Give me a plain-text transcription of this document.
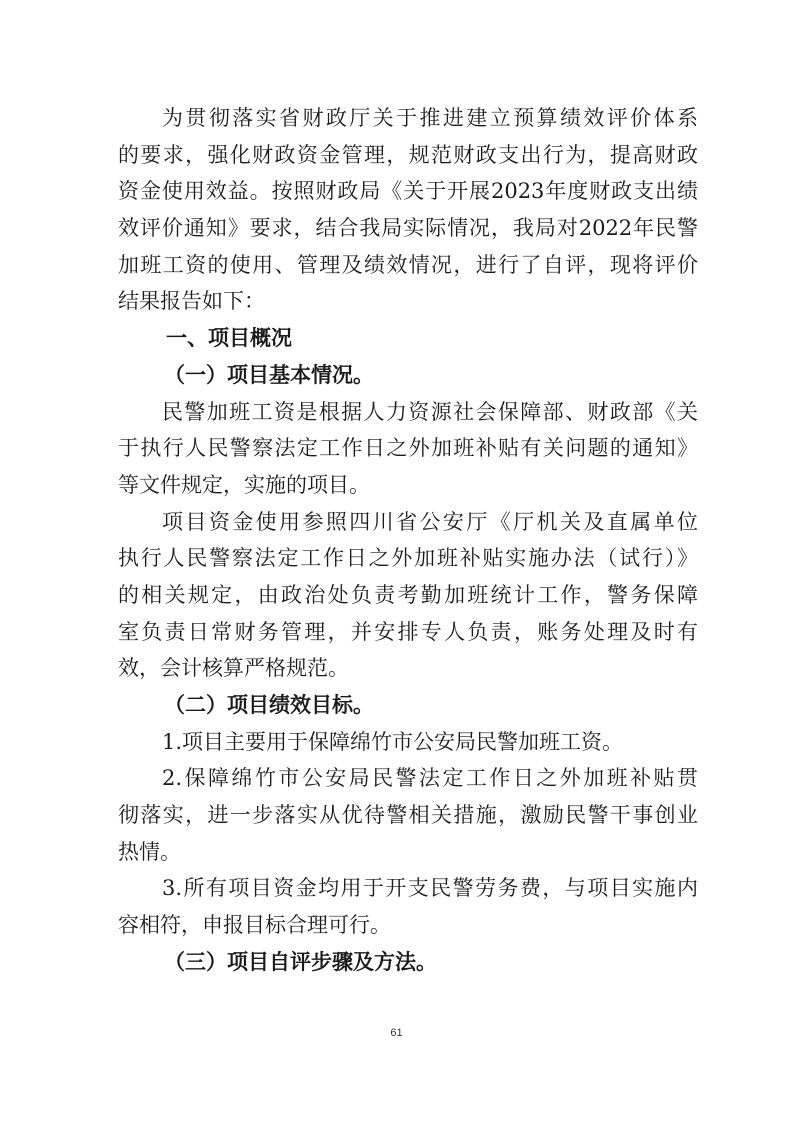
为贯彻落实省财政厅关于推进建立预算绩效评价体系
的要求，强化财政资金管理，规范财政支出行为，提高财政
资金使用效益。按照财政局《关于开展2023年度财政支出绩
效评价通知》要求，结合我局实际情况，我局对2022年民警
加班工资的使用、管理及绩效情况，进行了自评，现将评价
结果报告如下：
一、项目概况
（一）项目基本情况。
民警加班工资是根据人力资源社会保障部、财政部《关
于执行人民警察法定工作日之外加班补贴有关问题的通知》
等文件规定，实施的项目。
项目资金使用参照四川省公安厅《厅机关及直属单位
执行人民警察法定工作日之外加班补贴实施办法（试行）》
的相关规定，由政治处负责考勤加班统计工作，警务保障
室负责日常财务管理，并安排专人负责，账务处理及时有
效，会计核算严格规范。
（二）项目绩效目标。
1.项目主要用于保障绵竹市公安局民警加班工资。
2.保障绵竹市公安局民警法定工作日之外加班补贴贯
彻落实，进一步落实从优待警相关措施，激励民警干事创业
热情。
3.所有项目资金均用于开支民警劳务费，与项目实施内
容相符，申报目标合理可行。
（三）项目自评步骤及方法。
61
